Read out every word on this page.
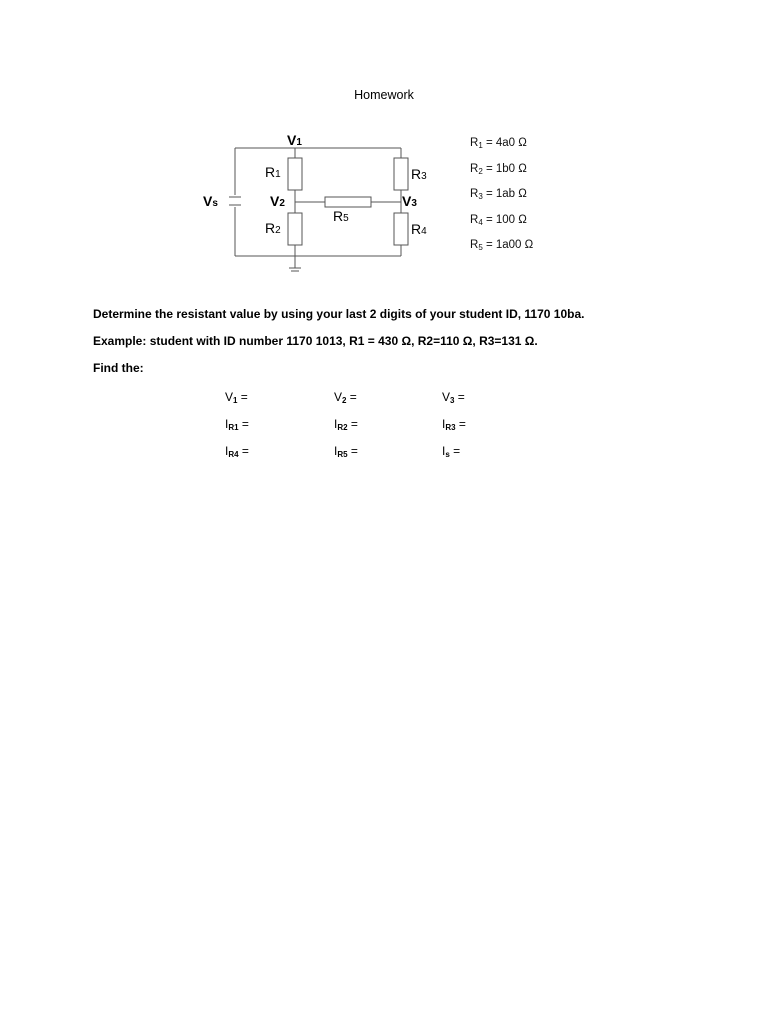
Homework
V1
Vs	V2	V3
R1
R2
R3
R4
R5
$R_1 = 4a0$ Ω
$R_2 = 1b0$ Ω
$R_3 = 1ab$ Ω
$R_4 = 100$ Ω
$R_5 = 1a00$ Ω
Determine the resistant value by using your last 2 digits of your student ID, 1170 10ba.
Example: student with ID number 1170 1013, R1 = 430 Ω, R2=110 Ω, R3=131 Ω.
Find the:
$V_1$ =	$V_2$ =	$V_3$ =
$I_{R1}$ =	$I_{R2}$ =	$I_{R3}$ =
$I_{R4}$ =	$I_{R5}$ =	$I_s$ =
